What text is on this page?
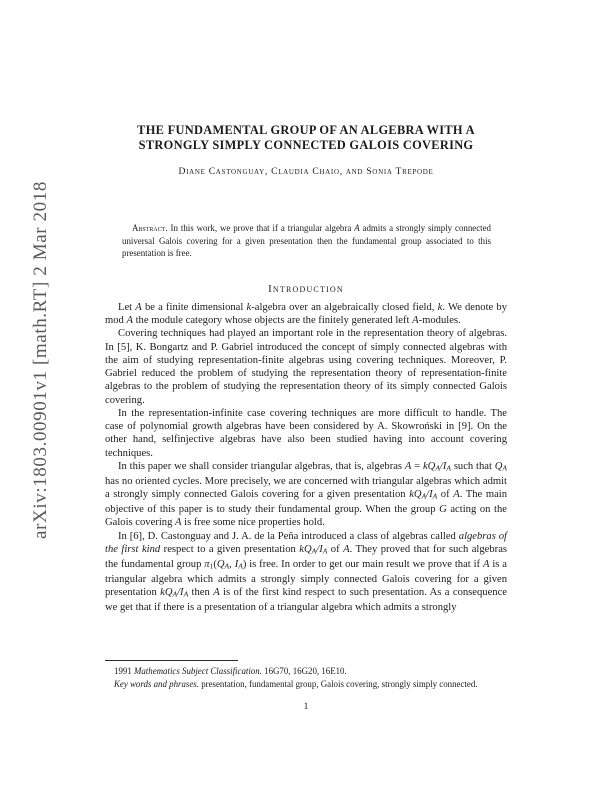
arXiv:1803.00901v1 [math.RT] 2 Mar 2018
THE FUNDAMENTAL GROUP OF AN ALGEBRA WITH A
STRONGLY SIMPLY CONNECTED GALOIS COVERING
Diane Castonguay, Claudia Chaio, and Sonia Trepode
Abstract. In this work, we prove that if a triangular algebra A admits a strongly simply connected universal Galois covering for a given presentation then the fundamental group associated to this presentation is free.
Introduction

Let A be a finite dimensional k-algebra over an algebraically closed field, k. We denote by mod A the module category whose objects are the finitely generated left A-modules.

Covering techniques had played an important role in the representation theory of algebras. In [5], K. Bongartz and P. Gabriel introduced the concept of simply connected algebras with the aim of studying representation-finite algebras using covering techniques. Moreover, P. Gabriel reduced the problem of studying the representation theory of representation-finite algebras to the problem of studying the representation theory of its simply connected Galois covering.

In the representation-infinite case covering techniques are more difficult to handle. The case of polynomial growth algebras have been considered by A. Skowroński in [9]. On the other hand, selfinjective algebras have also been studied having into account covering techniques.

In this paper we shall consider triangular algebras, that is, algebras A = kQA/IA such that QA has no oriented cycles. More precisely, we are concerned with triangular algebras which admit a strongly simply connected Galois covering for a given presentation kQA/IA of A. The main objective of this paper is to study their fundamental group. When the group G acting on the Galois covering A is free some nice properties hold.

In [6], D. Castonguay and J. A. de la Peña introduced a class of algebras called algebras of the first kind respect to a given presentation kQA/IA of A. They proved that for such algebras the fundamental group π1(QA, IA) is free. In order to get our main result we prove that if A is a triangular algebra which admits a strongly simply connected Galois covering for a given presentation kQA/IA then A is of the first kind respect to such presentation. As a consequence we get that if there is a presentation of a triangular algebra which admits a strongly

1991 Mathematics Subject Classification. 16G70, 16G20, 16E10.

Key words and phrases. presentation, fundamental group, Galois covering, strongly simply connected.

1
